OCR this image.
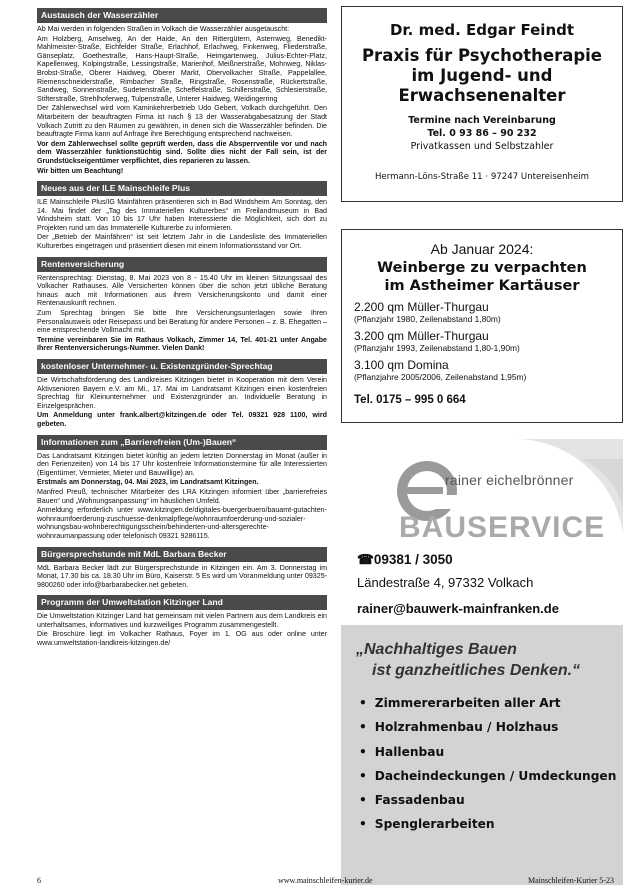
Austausch der Wasserzähler

Ab Mai werden in folgenden Straßen in Volkach die Wasserzähler ausgetauscht:

Am Holzberg, Amselweg, An der Haide, An den Rittergütern, Asternweg, Benedikt-Mahlmeister-Straße, Eichfelder Straße, Erlachhof, Erlachweg, Finkenweg, Fliederstraße, Gänseplatz, Goethestraße, Hans-Haupt-Straße, Heimgartenweg, Julius-Echter-Platz, Kapellenweg, Kolpingstraße, Lessingstraße, Marienhof, Meißnerstraße, Mohnweg, Niklas-Brobst-Straße, Oberer Haidweg, Oberer Markt, Obervolkacher Straße, Pappelallee, Riemenschneiderstraße, Rimbacher Straße, Ringstraße, Rosenstraße, Rückertstraße, Sandweg, Sonnenstraße, Sudetenstraße, Scheffelstraße, Schillerstraße, Schlesierstraße, Stifterstraße, Strehlhoferweg, Tulpenstraße, Unterer Haidweg, Weidingerring

Der Zählerwechsel wird vom Kaminkehrerbetrieb Udo Gebert, Volkach durchgeführt. Den Mitarbeitern der beauftragten Firma ist nach § 13 der Wasserabgabesatzung der Stadt Volkach Zutritt zu den Räumen zu gewähren, in denen sich die Wasserzähler befinden. Die beauftragte Firma kann auf Anfrage ihre Berechtigung entsprechend nachweisen.

Vor dem Zählerwechsel sollte geprüft werden, dass die Absperrventile vor und nach dem Wasserzähler funktionstüchtig sind. Sollte dies nicht der Fall sein, ist der Grundstückseigentümer verpflichtet, dies reparieren zu lassen.

Wir bitten um Beachtung!

Neues aus der ILE Mainschleife Plus

ILE Mainschleife Plus/IG Mainfähren präsentieren sich in Bad Windsheim Am Sonntag, den 14. Mai findet der „Tag des Immateriellen Kulturerbes“ im Freilandmuseum in Bad Windsheim statt. Von 10 bis 17 Uhr haben Interessierte die Möglichkeit, sich dort zu Projekten rund um das Immaterielle Kulturerbe zu informieren.

Der „Betrieb der Mainfähren“ ist seit letztem Jahr in die Landesliste des Immateriellen Kulturerbes eingetragen und präsentiert diesen mit einem Informationsstand vor Ort.

Rentenversicherung

Rentensprechtag: Dienstag, 8. Mai 2023 von 8 - 15.40 Uhr im kleinen Sitzungssaal des Volkacher Rathauses. Alle Versicherten können über die schon jetzt übliche Beratung hinaus auch mit Informationen aus ihrem Versicherungskonto und damit einer Rentenauskunft rechnen.

Zum Sprechtag bringen Sie bitte Ihre Versicherungsunterlagen sowie Ihren Personalausweis oder Reisepass und bei Beratung für andere Personen – z. B. Ehegatten – eine entsprechende Vollmacht mit.

Termine vereinbaren Sie im Rathaus Volkach, Zimmer 14, Tel. 401-21 unter Angabe Ihrer Rentenversicherungs-Nummer. Vielen Dank!

kostenloser Unternehmer- u. Existenzgründer-Sprechtag

Die Wirtschaftsförderung des Landkreises Kitzingen bietet in Kooperation mit dem Verein Aktivsenioren Bayern e.V. am Mi., 17. Mai im Landratsamt Kitzingen einen kostenfreien Sprechtag für Kleinunternehmer und Existenzgründer an. Individuelle Beratung in Einzelgesprächen.

Um Anmeldung unter frank.albert@kitzingen.de oder Tel. 09321 928 1100, wird gebeten.

Informationen zum „Barrierefreien (Um-)Bauen“

Das Landratsamt Kitzingen bietet künftig an jedem letzten Donnerstag im Monat (außer in den Ferienzeiten) von 14 bis 17 Uhr kostenfreie Informationstermine für alle Interessierten (Eigentümer, Vermieter, Mieter und Bauwillige) an.

Erstmals am Donnerstag, 04. Mai 2023, im Landratsamt Kitzingen.

Manfred Preuß, technischer Mitarbeiter des LRA Kitzingen informiert über „barrierefreies Bauen“ und „Wohnungsanpassung“ im häuslichen Umfeld.

Anmeldung erforderlich unter www.kitzingen.de/digitales-buergerbuero/bauamt-gutachten-wohnraumfoerderung-zuschuesse-denkmalpflege/wohnraumfoerderung-und-sozialer-wohnungsbau-wohnberechtigungsschein/behinderten-und-altersgerechte-wohnraumanpassung oder telefonisch 09321 9286115.

Bürgersprechstunde mit MdL Barbara Becker

MdL Barbara Becker lädt zur Bürgersprechstunde in Kitzingen ein. Am 3. Donnerstag im Monat, 17.30 bis ca. 18.30 Uhr im Büro, Kaiserstr. 5 Es wird um Voranmeldung unter 09325-9800260 oder info@barbarabecker.net gebeten.

Programm der Umweltstation Kitzinger Land

Die Umweltstation Kitzinger Land hat gemeinsam mit vielen Partnern aus dem Landkreis ein unterhaltsames, informatives und kurzweiliges Programm zusammengestellt.

Die Broschüre liegt im Volkacher Rathaus, Foyer im 1. OG aus oder online unter www.umweltstation-landkreis-kitzingen.de/

Dr. med. Edgar Feindt
Praxis für Psychotherapie
im Jugend- und
Erwachsenenalter
Termine nach Vereinbarung
Tel. 0 93 86 – 90 232
Privatkassen und Selbstzahler
Hermann-Löns-Straße 11 · 97247 Untereisenheim
Ab Januar 2024:
Weinberge zu verpachten
im Astheimer Kartäuser
2.200 qm Müller-Thurgau
(Pflanzjahr 1980, Zeilenabstand 1,80m)
3.200 qm Müller-Thurgau
(Pflanzjahr 1993, Zeilenabstand 1,80-1,90m)
3.100 qm Domina
(Pflanzjahre 2005/2006, Zeilenabstand 1,95m)
Tel. 0175 – 995 0 664
rainer eichelbrönner
BAUSERVICE
☎09381 / 3050
Ländestraße 4, 97332 Volkach
rainer@bauwerk-mainfranken.de
„Nachhaltiges Bauen
ist ganzheitliches Denken.“
• Zimmererarbeiten aller Art
• Holzrahmenbau / Holzhaus
• Hallenbau
• Dacheindeckungen / Umdeckungen
• Fassadenbau
• Spenglerarbeiten
6	www.mainschleifen-kurier.de	Mainschleifen-Kurier 5-23
